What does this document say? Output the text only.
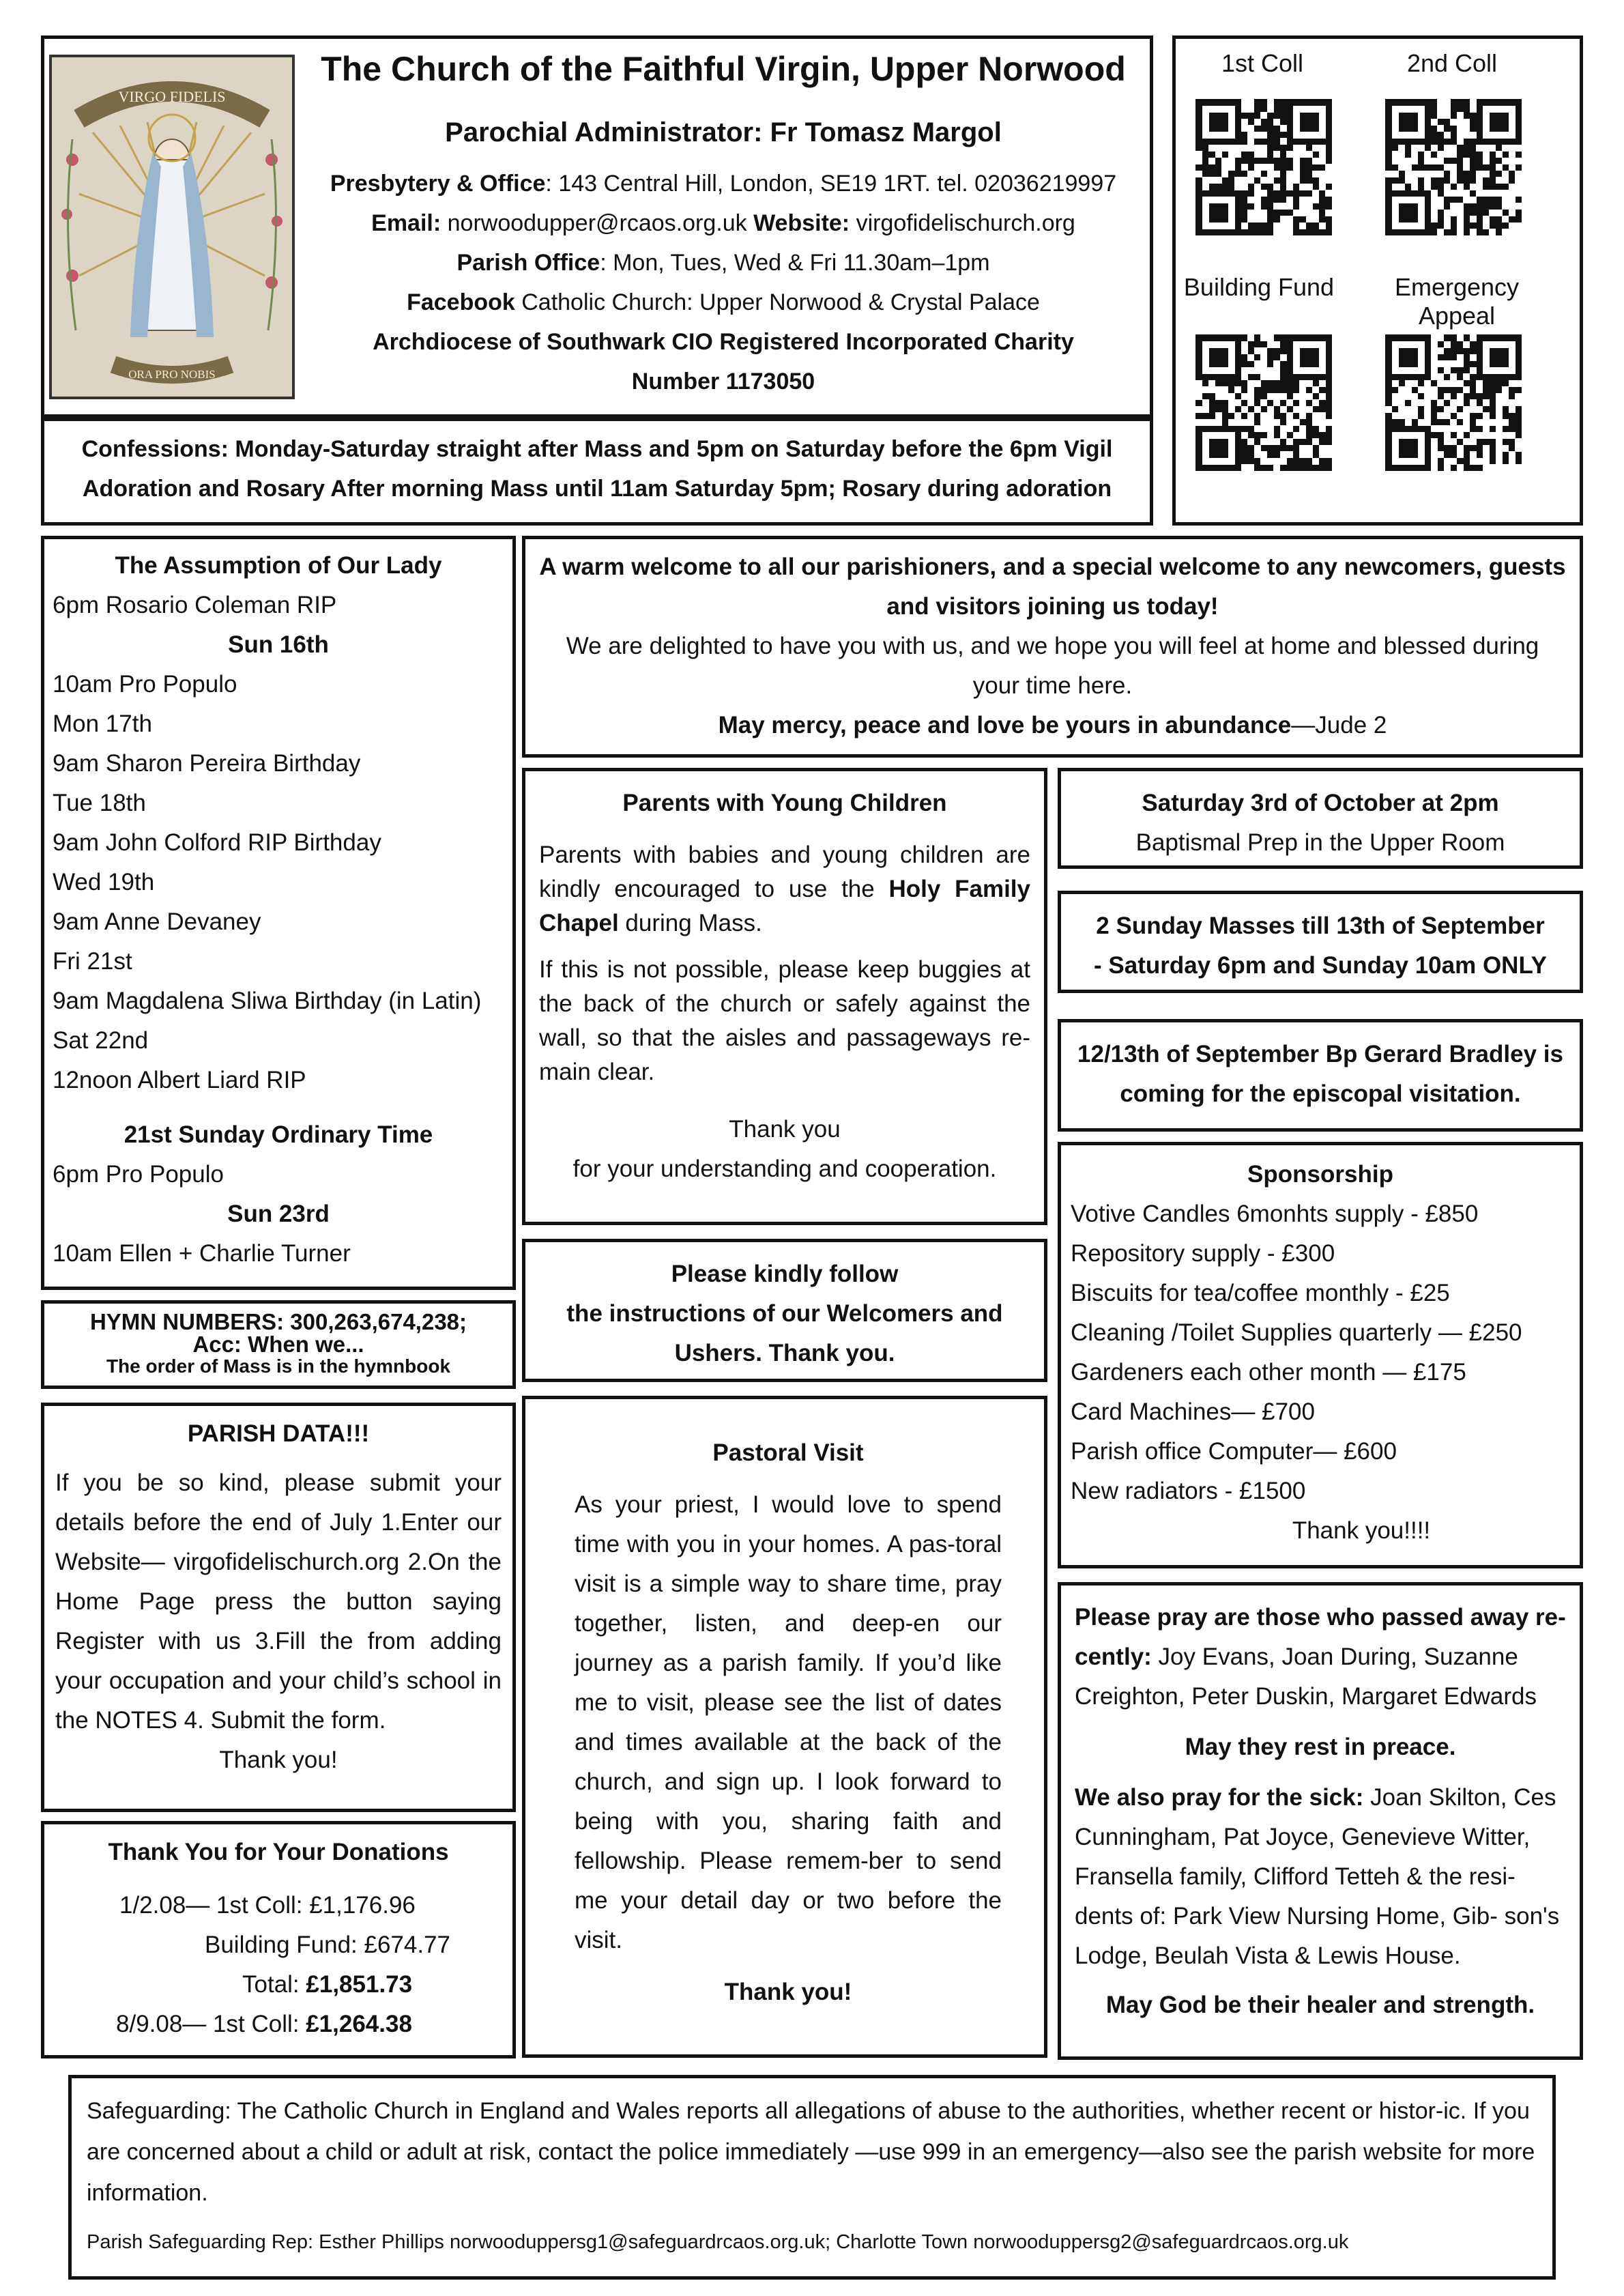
VIRGO FIDELIS
ORA PRO NOBIS
The Church of the Faithful Virgin, Upper Norwood
Parochial Administrator: Fr Tomasz Margol
Presbytery & Office: 143 Central Hill, London, SE19 1RT. tel. 02036219997
Email: norwoodupper@rcaos.org.uk Website: virgofidelischurch.org
Parish Office: Mon, Tues, Wed & Fri 11.30am–1pm
Facebook Catholic Church: Upper Norwood & Crystal Palace
Archdiocese of Southwark CIO Registered Incorporated Charity
Number 1173050
Confessions: Monday-Saturday straight after Mass and 5pm on Saturday before the 6pm Vigil
Adoration and Rosary After morning Mass until 11am Saturday 5pm; Rosary during adoration
1st Coll	2nd Coll
Building Fund	Emergency Appeal
The Assumption of Our Lady
6pm Rosario Coleman RIP
Sun 16th
10am Pro Populo
Mon 17th
9am Sharon Pereira Birthday
Tue 18th
9am John Colford RIP Birthday
Wed 19th
9am Anne Devaney
Fri 21st
9am Magdalena Sliwa Birthday (in Latin)
Sat 22nd
12noon Albert Liard RIP
21st Sunday Ordinary Time
6pm Pro Populo
Sun 23rd
10am Ellen + Charlie Turner
HYMN NUMBERS: 300,263,674,238;
Acc: When we...
The order of Mass is in the hymnbook
PARISH DATA!!!

If you be so kind, please submit your details before the end of July 1.Enter our Website— virgofidelischurch.org 2.On the Home Page press the button saying Register with us 3.Fill the from adding your occupation and your child’s school in the NOTES 4. Submit the form.

Thank you!
Thank You for Your Donations
1/2.08— 1st Coll: £1,176.96
Building Fund: £674.77
Total: £1,851.73
8/9.08— 1st Coll: £1,264.38
A warm welcome to all our parishioners, and a special welcome to any newcomers, guests
and visitors joining us today!
We are delighted to have you with us, and we hope you will feel at home and blessed during
your time here.
May mercy, peace and love be yours in abundance—Jude 2
Parents with Young Children

Parents with babies and young children are kindly encouraged to use the Holy Family Chapel during Mass.

If this is not possible, please keep buggies at the back of the church or safely against the wall, so that the aisles and passageways re-main clear.

Thank you
for your understanding and cooperation.
Please kindly follow
the instructions of our Welcomers and
Ushers. Thank you.
Pastoral Visit

As your priest, I would love to spend time with you in your homes. A pas-toral visit is a simple way to share time, pray together, listen, and deep-en our journey as a parish family. If you’d like me to visit, please see the list of dates and times available at the back of the church, and sign up. I look forward to being with you, sharing faith and fellowship. Please remem-ber to send me your detail day or two before the visit.

Thank you!
Saturday 3rd of October at 2pm
Baptismal Prep in the Upper Room
2 Sunday Masses till 13th of September
- Saturday 6pm and Sunday 10am ONLY
12/13th of September Bp Gerard Bradley is
coming for the episcopal visitation.
Sponsorship
Votive Candles 6monhts supply - £850
Repository supply - £300
Biscuits for tea/coffee monthly - £25
Cleaning /Toilet Supplies quarterly — £250
Gardeners each other month — £175
Card Machines— £700
Parish office Computer— £600
New radiators - £1500
Thank you!!!!

Please pray are those who passed away re-cently: Joy Evans, Joan During, Suzanne Creighton, Peter Duskin, Margaret Edwards

May they rest in preace.

We also pray for the sick: Joan Skilton, Ces Cunningham, Pat Joyce, Genevieve Witter, Fransella family, Clifford Tetteh & the resi-dents of: Park View Nursing Home, Gib- son's Lodge, Beulah Vista & Lewis House.

May God be their healer and strength.

Safeguarding: The Catholic Church in England and Wales reports all allegations of abuse to the authorities, whether recent or histor-ic. If you are concerned about a child or adult at risk, contact the police immediately —use 999 in an emergency—also see the parish website for more information.

Parish Safeguarding Rep: Esther Phillips norwooduppersg1@safeguardrcaos.org.uk; Charlotte Town norwooduppersg2@safeguardrcaos.org.uk
